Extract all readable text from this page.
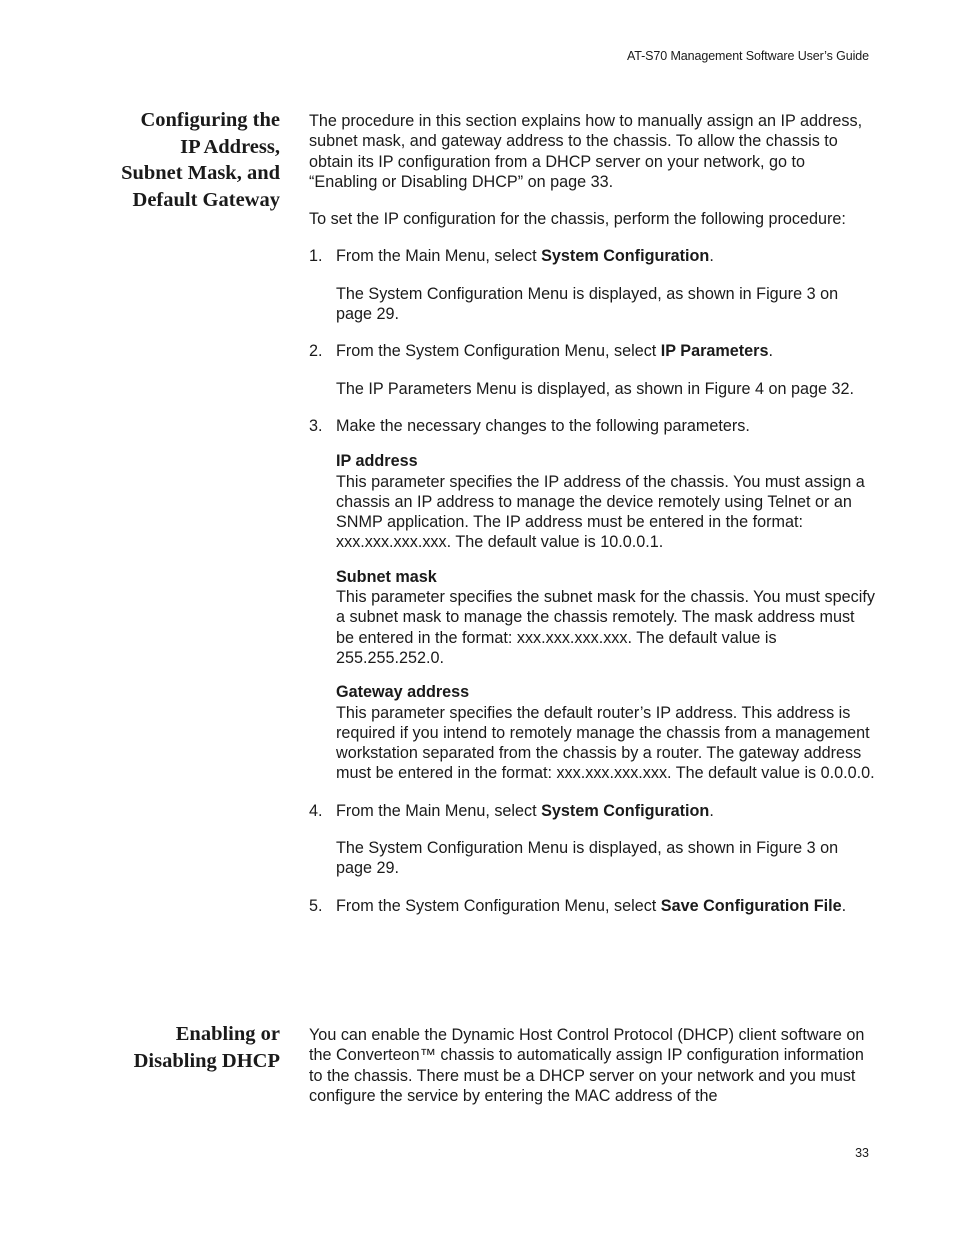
AT-S70 Management Software User’s Guide
Configuring the
IP Address,
Subnet Mask, and
Default Gateway

The procedure in this section explains how to manually assign an IP address, subnet mask, and gateway address to the chassis. To allow the chassis to obtain its IP configuration from a DHCP server on your network, go to “Enabling or Disabling DHCP” on page 33.

To set the IP configuration for the chassis, perform the following procedure:

1. From the Main Menu, select System Configuration.

The System Configuration Menu is displayed, as shown in Figure 3 on page 29.

2. From the System Configuration Menu, select IP Parameters.

The IP Parameters Menu is displayed, as shown in Figure 4 on page 32.

3. Make the necessary changes to the following parameters.
IP address
This parameter specifies the IP address of the chassis. You must assign a chassis an IP address to manage the device remotely using Telnet or an SNMP application. The IP address must be entered in the format: xxx.xxx.xxx.xxx. The default value is 10.0.0.1.
Subnet mask
This parameter specifies the subnet mask for the chassis. You must specify a subnet mask to manage the chassis remotely. The mask address must be entered in the format: xxx.xxx.xxx.xxx. The default value is 255.255.252.0.
Gateway address
This parameter specifies the default router’s IP address. This address is required if you intend to remotely manage the chassis from a management workstation separated from the chassis by a router. The gateway address must be entered in the format: xxx.xxx.xxx.xxx. The default value is 0.0.0.0.
4. From the Main Menu, select System Configuration.

The System Configuration Menu is displayed, as shown in Figure 3 on page 29.

5. From the System Configuration Menu, select Save Configuration File.
Enabling or
Disabling DHCP

You can enable the Dynamic Host Control Protocol (DHCP) client software on the Converteon™ chassis to automatically assign IP configuration information to the chassis. There must be a DHCP server on your network and you must configure the service by entering the MAC address of the

33
